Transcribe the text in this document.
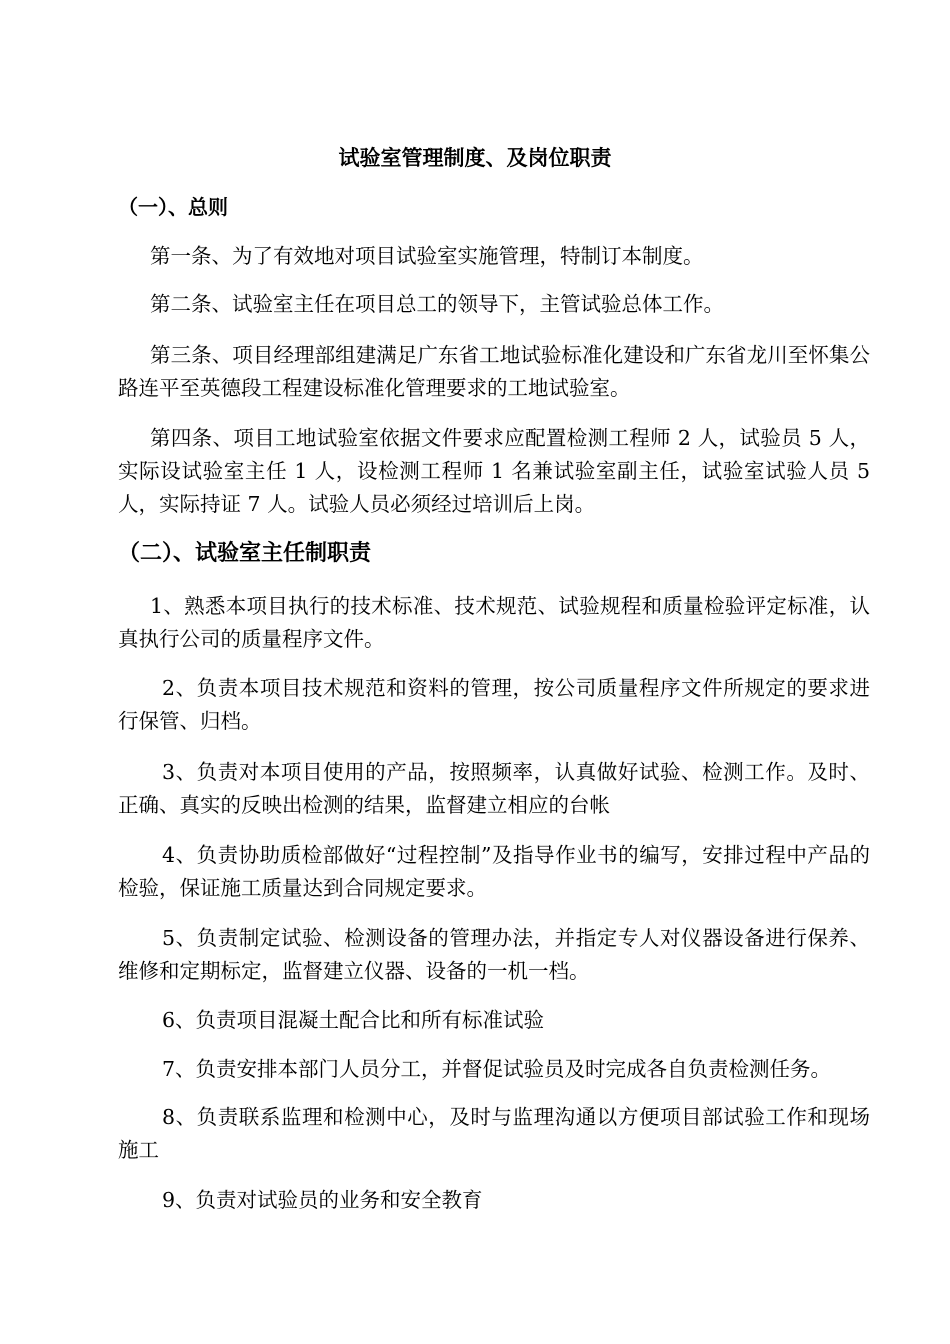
试验室管理制度、及岗位职责
（一）、总则

第一条、为了有效地对项目试验室实施管理，特制订本制度。

第二条、试验室主任在项目总工的领导下，主管试验总体工作。

第三条、项目经理部组建满足广东省工地试验标准化建设和广东省龙川至怀集公路连平至英德段工程建设标准化管理要求的工地试验室。

第四条、项目工地试验室依据文件要求应配置检测工程师 2 人，试验员 5 人，实际设试验室主任 1 人，设检测工程师 1 名兼试验室副主任，试验室试验人员 5 人，实际持证 7 人。试验人员必须经过培训后上岗。

（二）、试验室主任制职责

1、熟悉本项目执行的技术标准、技术规范、试验规程和质量检验评定标准，认真执行公司的质量程序文件。

2、负责本项目技术规范和资料的管理，按公司质量程序文件所规定的要求进行保管、归档。

3、负责对本项目使用的产品，按照频率，认真做好试验、检测工作。及时、正确、真实的反映出检测的结果，监督建立相应的台帐

4、负责协助质检部做好“过程控制”及指导作业书的编写，安排过程中产品的检验，保证施工质量达到合同规定要求。

5、负责制定试验、检测设备的管理办法，并指定专人对仪器设备进行保养、维修和定期标定，监督建立仪器、设备的一机一档。

6、负责项目混凝土配合比和所有标准试验

7、负责安排本部门人员分工，并督促试验员及时完成各自负责检测任务。

8、负责联系监理和检测中心，及时与监理沟通以方便项目部试验工作和现场施工

9、负责对试验员的业务和安全教育
